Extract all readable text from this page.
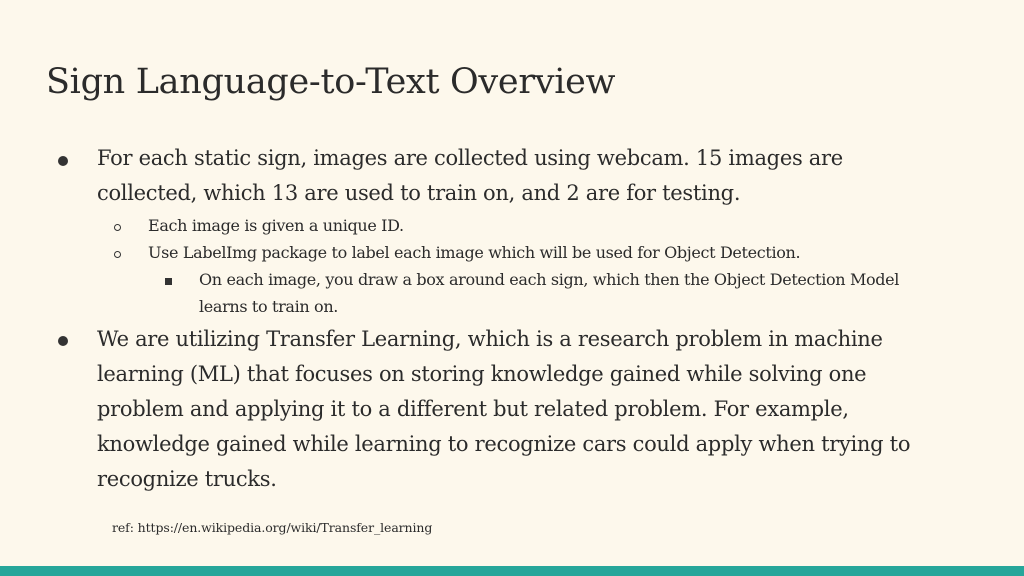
Sign Language-to-Text Overview
For each static sign, images are collected using webcam. 15 images are
collected, which 13 are used to train on, and 2 are for testing.
Each image is given a unique ID.
Use LabelImg package to label each image which will be used for Object Detection.
On each image, you draw a box around each sign, which then the Object Detection Model
learns to train on.
We are utilizing Transfer Learning, which is a research problem in machine
learning (ML) that focuses on storing knowledge gained while solving one
problem and applying it to a different but related problem. For example,
knowledge gained while learning to recognize cars could apply when trying to
recognize trucks.
ref: https://en.wikipedia.org/wiki/Transfer_learning
